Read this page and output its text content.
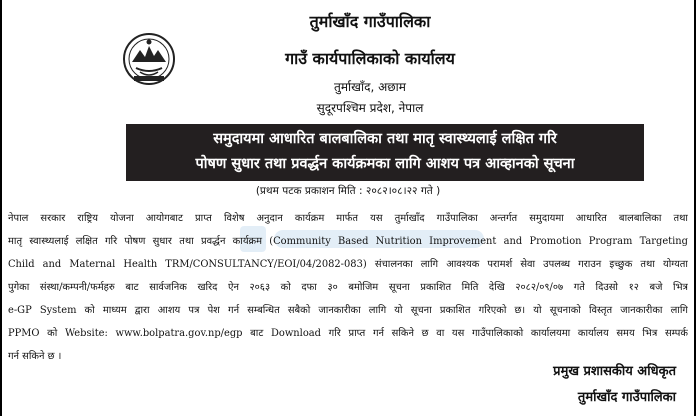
तुर्माखाँद गाउँपालिका
गाउँ कार्यपालिकाको कार्यालय
तुर्माखाँद, अछाम
सुदूरपश्चिम प्रदेश, नेपाल
समुदायमा आधारित बालबालिका तथा मातृ स्वास्थ्यलाई लक्षित गरि
पोषण सुधार तथा प्रवर्द्धन कार्यक्रमका लागि आशय पत्र आव्हानको सूचना
(प्रथम पटक प्रकाशन मिति : २०८२।०८।२२ गते )
नेपाल सरकार राष्ट्रिय योजना आयोगबाट प्राप्त विशेष अनुदान कार्यक्रम मार्फत यस तुर्माखाँद गाउँपालिका अन्तर्गत समुदायमा आधारित बालबालिका तथा
मातृ स्वास्थ्यलाई लक्षित गरि पोषण सुधार तथा प्रवर्द्धन कार्यक्रम (Community Based Nutrition Improvement and Promotion Program Targeting
Child and Maternal Health TRM/CONSULTANCY/EOI/04/2082-083) संचालनका लागि आवश्यक परामर्श सेवा उपलब्ध गराउन इच्छुक तथा योग्यता
पुगेका संस्था/कम्पनी/फर्महरु बाट सार्वजनिक खरिद ऐन २०६३ को दफा ३० बमोजिम सूचना प्रकाशित मिति देखि २०८२/०९/०७ गते दिउसो १२ बजे भित्र
e-GP System को माध्यम द्वारा आशय पत्र पेश गर्न सम्बन्धित सबैको जानकारीका लागि यो सूचना प्रकाशित गरिएको छ। यो सूचनाको विस्तृत जानकारीका लागि
PPMO को Website: www.bolpatra.gov.np/egp बाट Download गरि प्राप्त गर्न सकिने छ वा यस गाउँपालिकाको कार्यालयमा कार्यालय समय भित्र सम्पर्क
गर्न सकिने छ ।
प्रमुख प्रशासकीय अधिकृत
तुर्माखाँद गाउँपालिका
